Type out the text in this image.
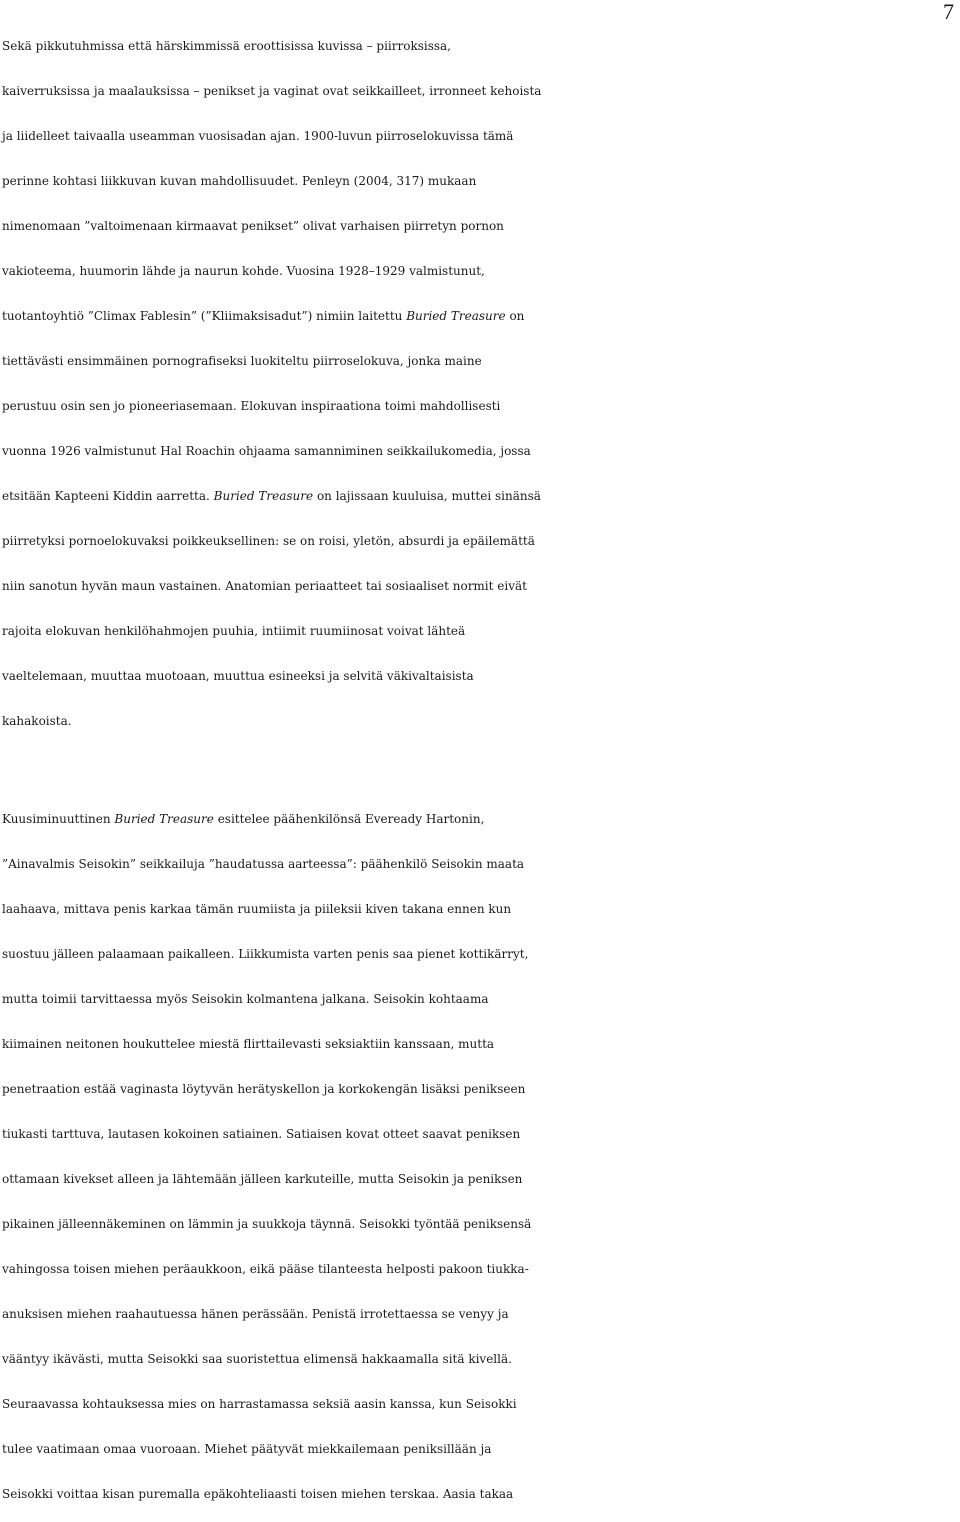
7
Sekä pikkutuhmissa että härskimmissä eroottisissa kuvissa – piirroksissa,
kaiverruksissa ja maalauksissa – penikset ja vaginat ovat seikkailleet, irronneet kehoista
ja liidelleet taivaalla useamman vuosisadan ajan. 1900-luvun piirroselokuvissa tämä
perinne kohtasi liikkuvan kuvan mahdollisuudet. Penleyn (2004, 317) mukaan
nimenomaan ”valtoimenaan kirmaavat penikset” olivat varhaisen piirretyn pornon
vakioteema, huumorin lähde ja naurun kohde. Vuosina 1928–1929 valmistunut,
tuotantoyhtiö ”Climax Fablesin” (”Kliimaksisadut”) nimiin laitettu Buried Treasure on
tiettävästi ensimmäinen pornografiseksi luokiteltu piirroselokuva, jonka maine
perustuu osin sen jo pioneeriasemaan. Elokuvan inspiraationa toimi mahdollisesti
vuonna 1926 valmistunut Hal Roachin ohjaama samanniminen seikkailukomedia, jossa
etsitään Kapteeni Kiddin aarretta. Buried Treasure on lajissaan kuuluisa, muttei sinänsä
piirretyksi pornoelokuvaksi poikkeuksellinen: se on roisi, yletön, absurdi ja epäilemättä
niin sanotun hyvän maun vastainen. Anatomian periaatteet tai sosiaaliset normit eivät
rajoita elokuvan henkilöhahmojen puuhia, intiimit ruumiinosat voivat lähteä
vaeltelemaan, muuttaa muotoaan, muuttua esineeksi ja selvitä väkivaltaisista
kahakoista.
Kuusiminuuttinen Buried Treasure esittelee päähenkilönsä Eveready Hartonin,
”Ainavalmis Seisokin” seikkailuja ”haudatussa aarteessa”: päähenkilö Seisokin maata
laahaava, mittava penis karkaa tämän ruumiista ja piileksii kiven takana ennen kun
suostuu jälleen palaamaan paikalleen. Liikkumista varten penis saa pienet kottikärryt,
mutta toimii tarvittaessa myös Seisokin kolmantena jalkana. Seisokin kohtaama
kiimainen neitonen houkuttelee miestä flirttailevasti seksiaktiin kanssaan, mutta
penetraation estää vaginasta löytyvän herätyskellon ja korkokengän lisäksi penikseen
tiukasti tarttuva, lautasen kokoinen satiainen. Satiaisen kovat otteet saavat peniksen
ottamaan kivekset alleen ja lähtemään jälleen karkuteille, mutta Seisokin ja peniksen
pikainen jälleennäkeminen on lämmin ja suukkoja täynnä. Seisokki työntää peniksensä
vahingossa toisen miehen peräaukkoon, eikä pääse tilanteesta helposti pakoon tiukka-
anuksisen miehen raahautuessa hänen perässään. Penistä irrotettaessa se venyy ja
vääntyy ikävästi, mutta Seisokki saa suoristettua elimensä hakkaamalla sitä kivellä.
Seuraavassa kohtauksessa mies on harrastamassa seksiä aasin kanssa, kun Seisokki
tulee vaatimaan omaa vuoroaan. Miehet päätyvät miekkailemaan peniksillään ja
Seisokki voittaa kisan puremalla epäkohteliaasti toisen miehen terskaa. Aasia takaa
